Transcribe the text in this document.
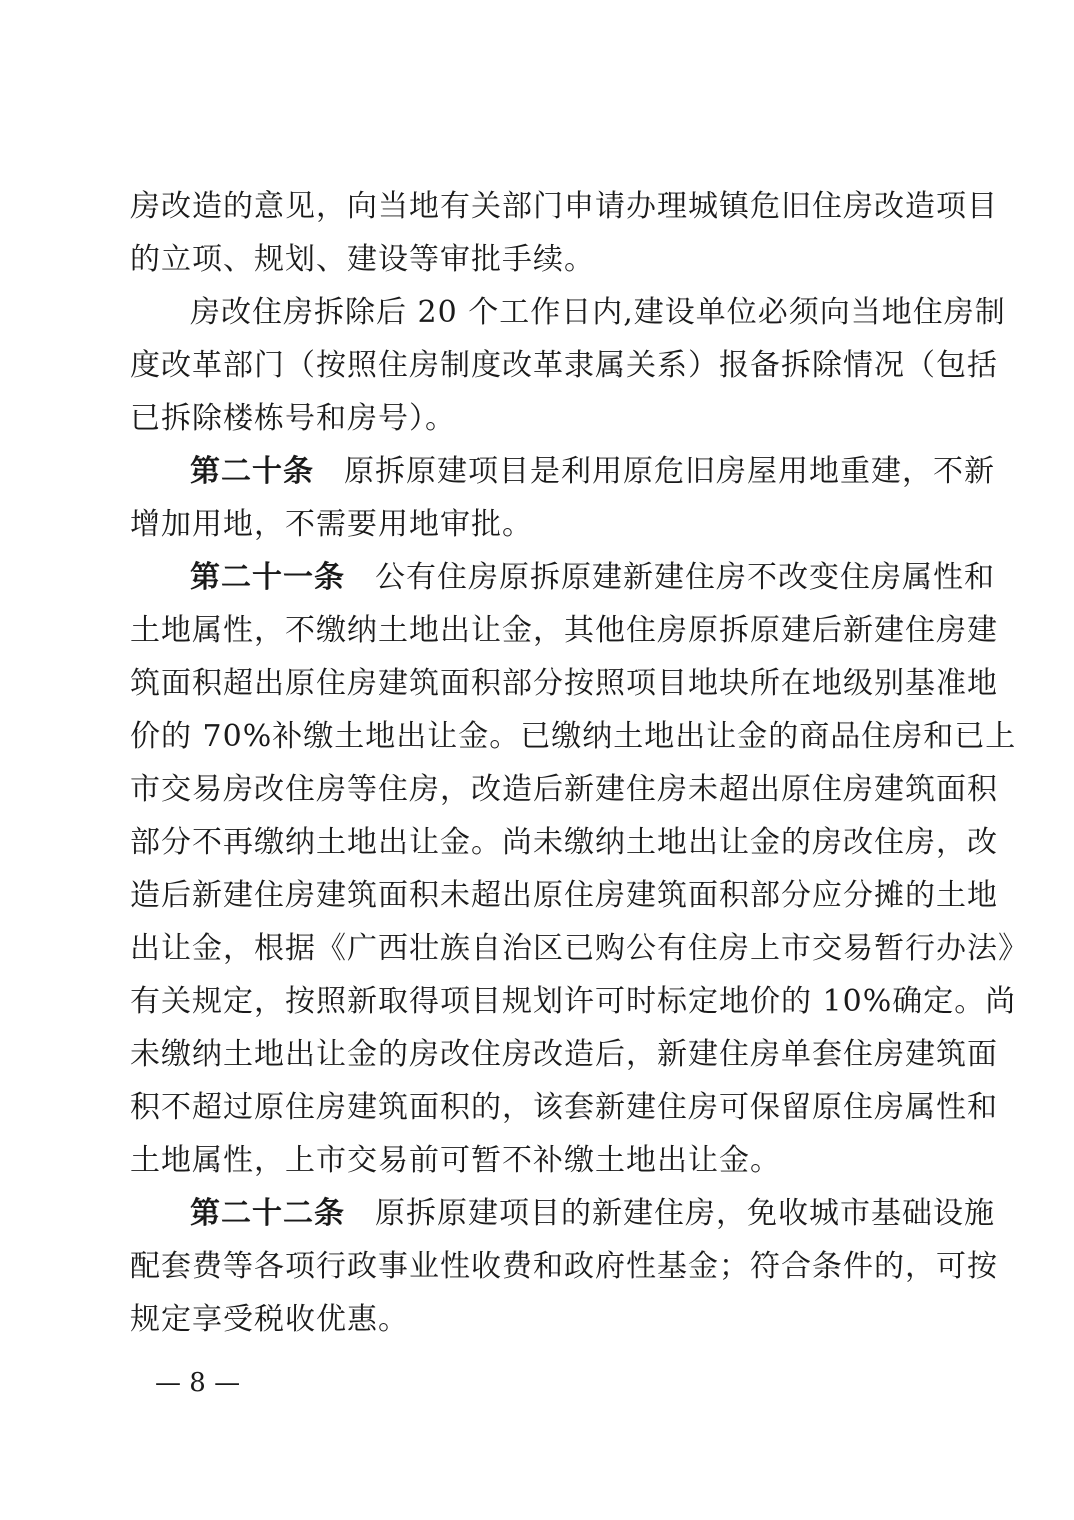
房改造的意见，向当地有关部门申请办理城镇危旧住房改造项目
的立项、规划、建设等审批手续。
房改住房拆除后 20 个工作日内,建设单位必须向当地住房制
度改革部门（按照住房制度改革隶属关系）报备拆除情况（包括
已拆除楼栋号和房号）。
第二十条 原拆原建项目是利用原危旧房屋用地重建，不新
增加用地，不需要用地审批。
第二十一条 公有住房原拆原建新建住房不改变住房属性和
土地属性，不缴纳土地出让金，其他住房原拆原建后新建住房建
筑面积超出原住房建筑面积部分按照项目地块所在地级别基准地
价的 70%补缴土地出让金。已缴纳土地出让金的商品住房和已上
市交易房改住房等住房，改造后新建住房未超出原住房建筑面积
部分不再缴纳土地出让金。尚未缴纳土地出让金的房改住房，改
造后新建住房建筑面积未超出原住房建筑面积部分应分摊的土地
出让金，根据《广西壮族自治区已购公有住房上市交易暂行办法》
有关规定，按照新取得项目规划许可时标定地价的 10%确定。尚
未缴纳土地出让金的房改住房改造后，新建住房单套住房建筑面
积不超过原住房建筑面积的，该套新建住房可保留原住房属性和
土地属性，上市交易前可暂不补缴土地出让金。
第二十二条 原拆原建项目的新建住房，免收城市基础设施
配套费等各项行政事业性收费和政府性基金；符合条件的，可按
规定享受税收优惠。
— 8 —
